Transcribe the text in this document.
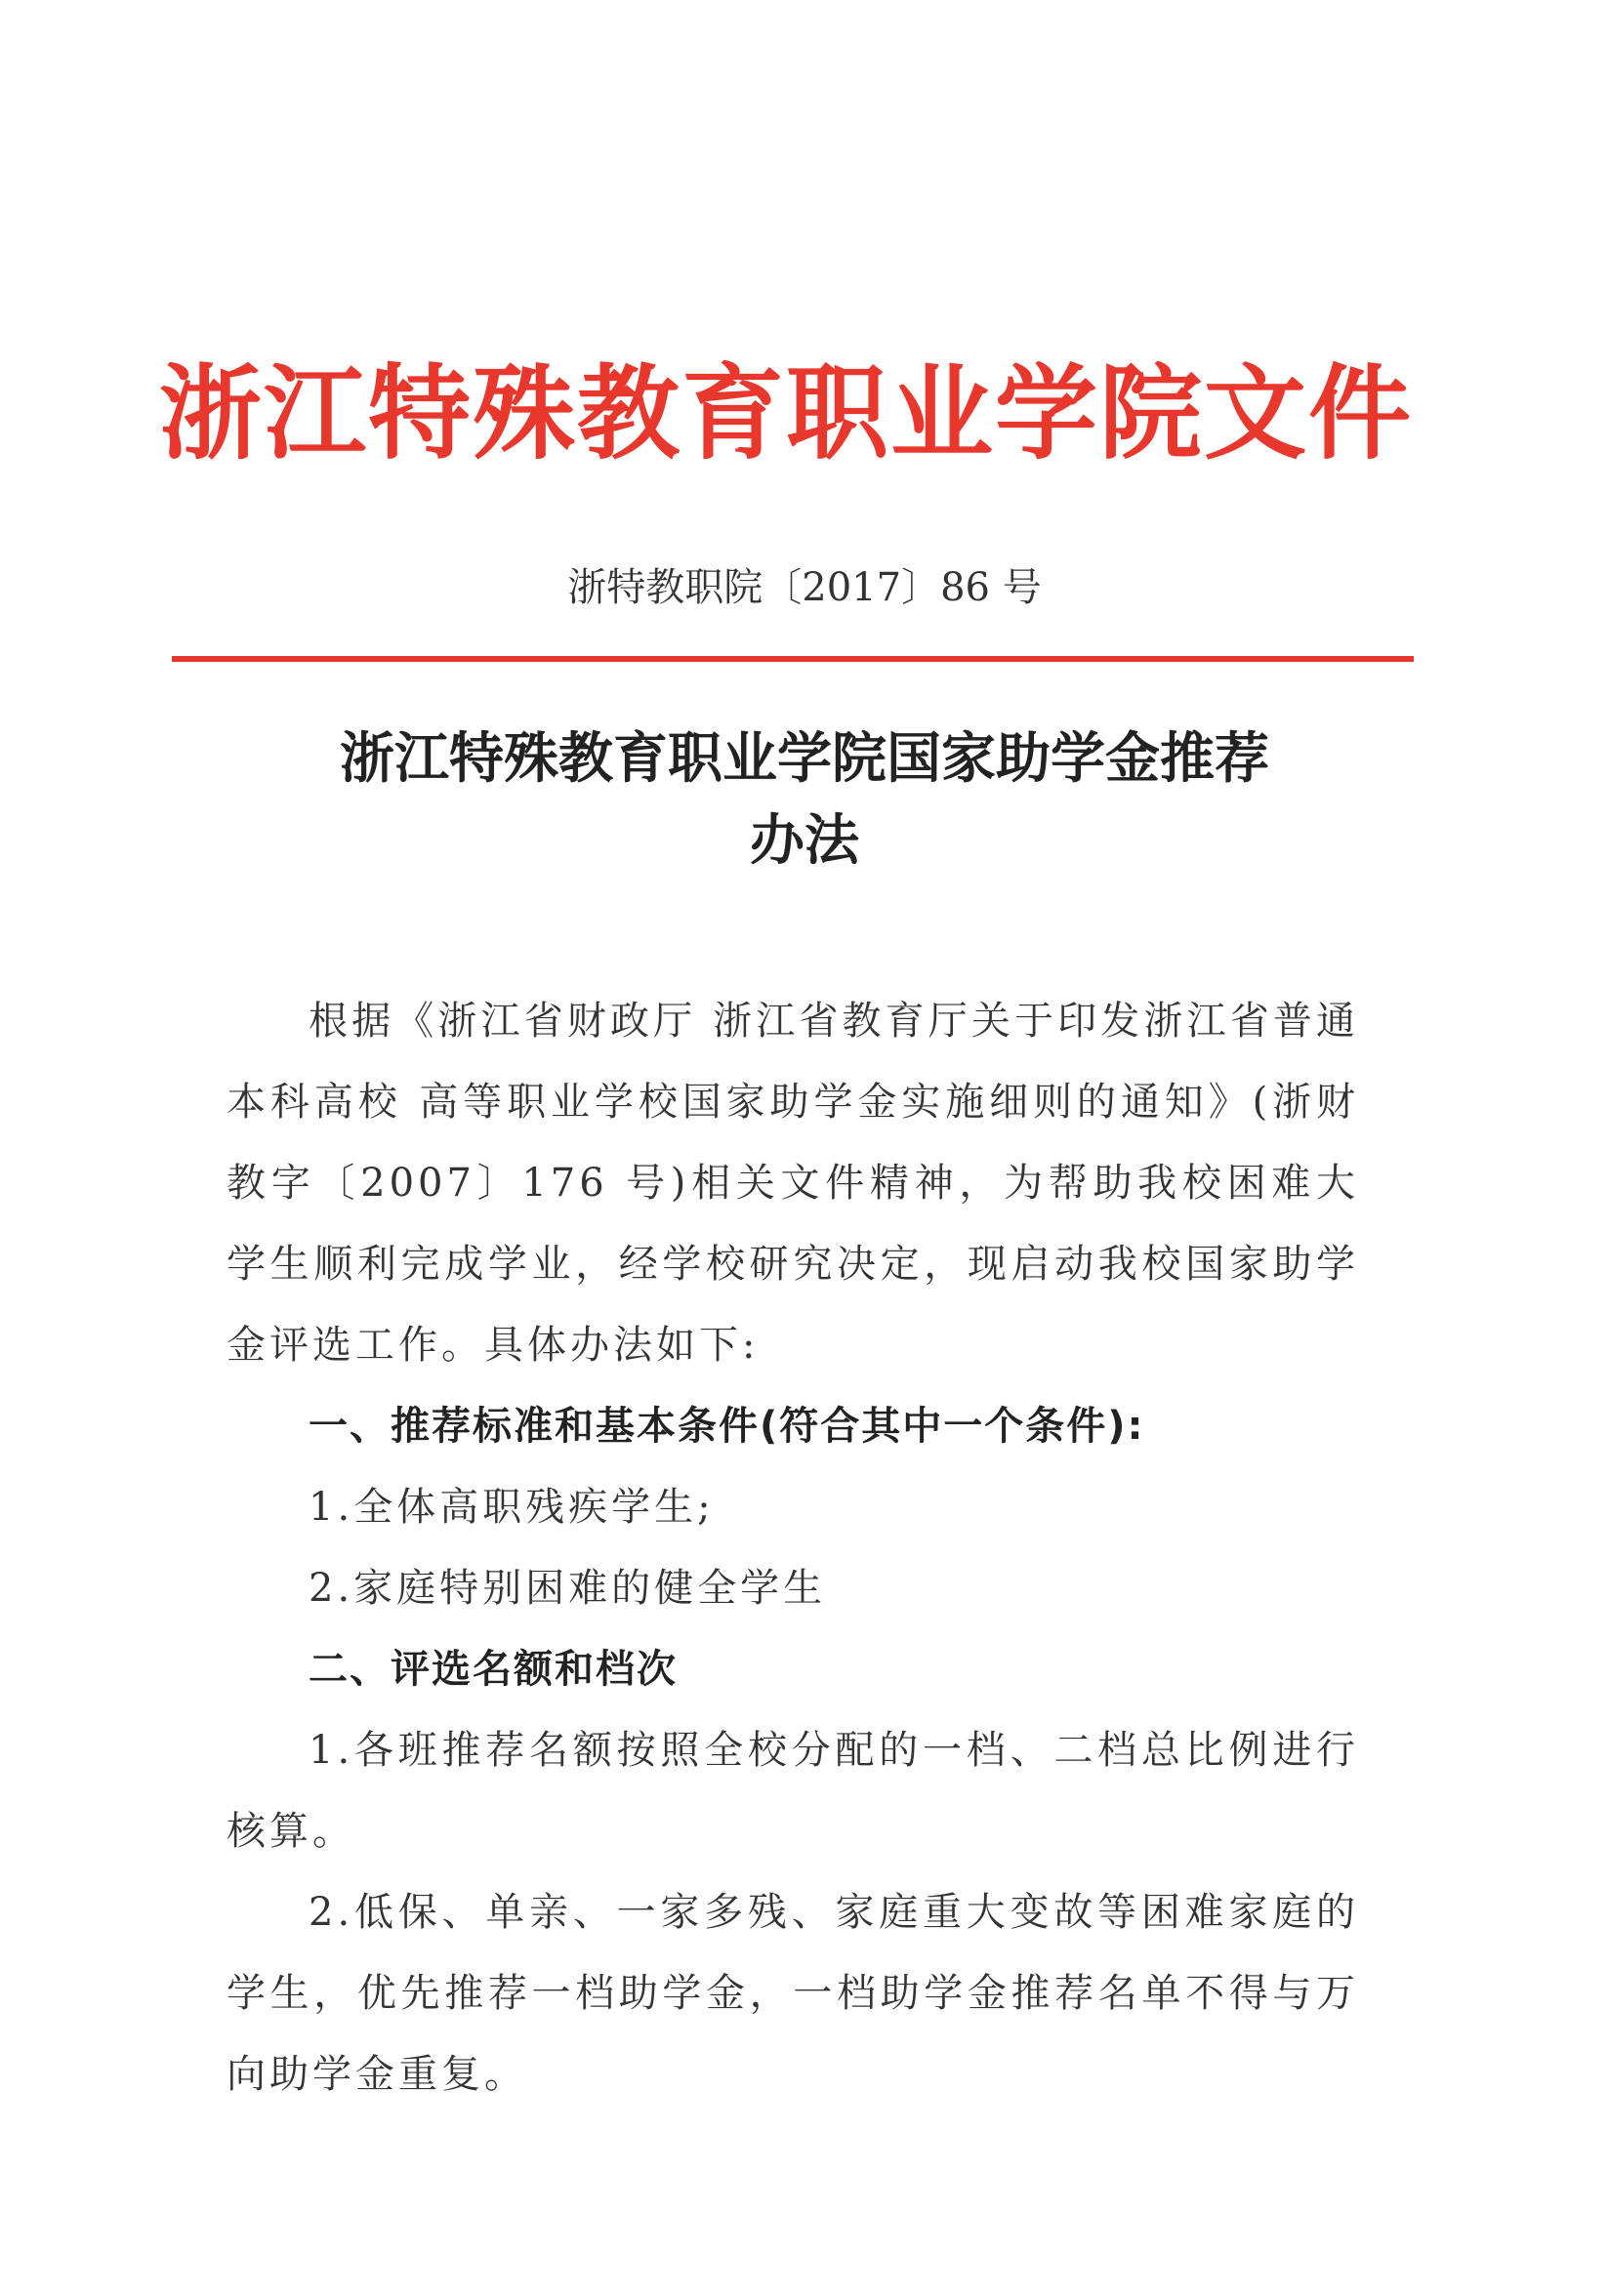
浙江特殊教育职业学院文件
浙特教职院〔2017〕86 号
浙江特殊教育职业学院国家助学金推荐
办法

根据《浙江省财政厅 浙江省教育厅关于印发浙江省普通本科高校 高等职业学校国家助学金实施细则的通知》(浙财教字〔2007〕176 号)相关文件精神，为帮助我校困难大学生顺利完成学业，经学校研究决定，现启动我校国家助学金评选工作。具体办法如下:

一、推荐标准和基本条件(符合其中一个条件):

1.全体高职残疾学生;

2.家庭特别困难的健全学生

二、评选名额和档次

1.各班推荐名额按照全校分配的一档、二档总比例进行核算。

2.低保、单亲、一家多残、家庭重大变故等困难家庭的学生，优先推荐一档助学金，一档助学金推荐名单不得与万向助学金重复。
